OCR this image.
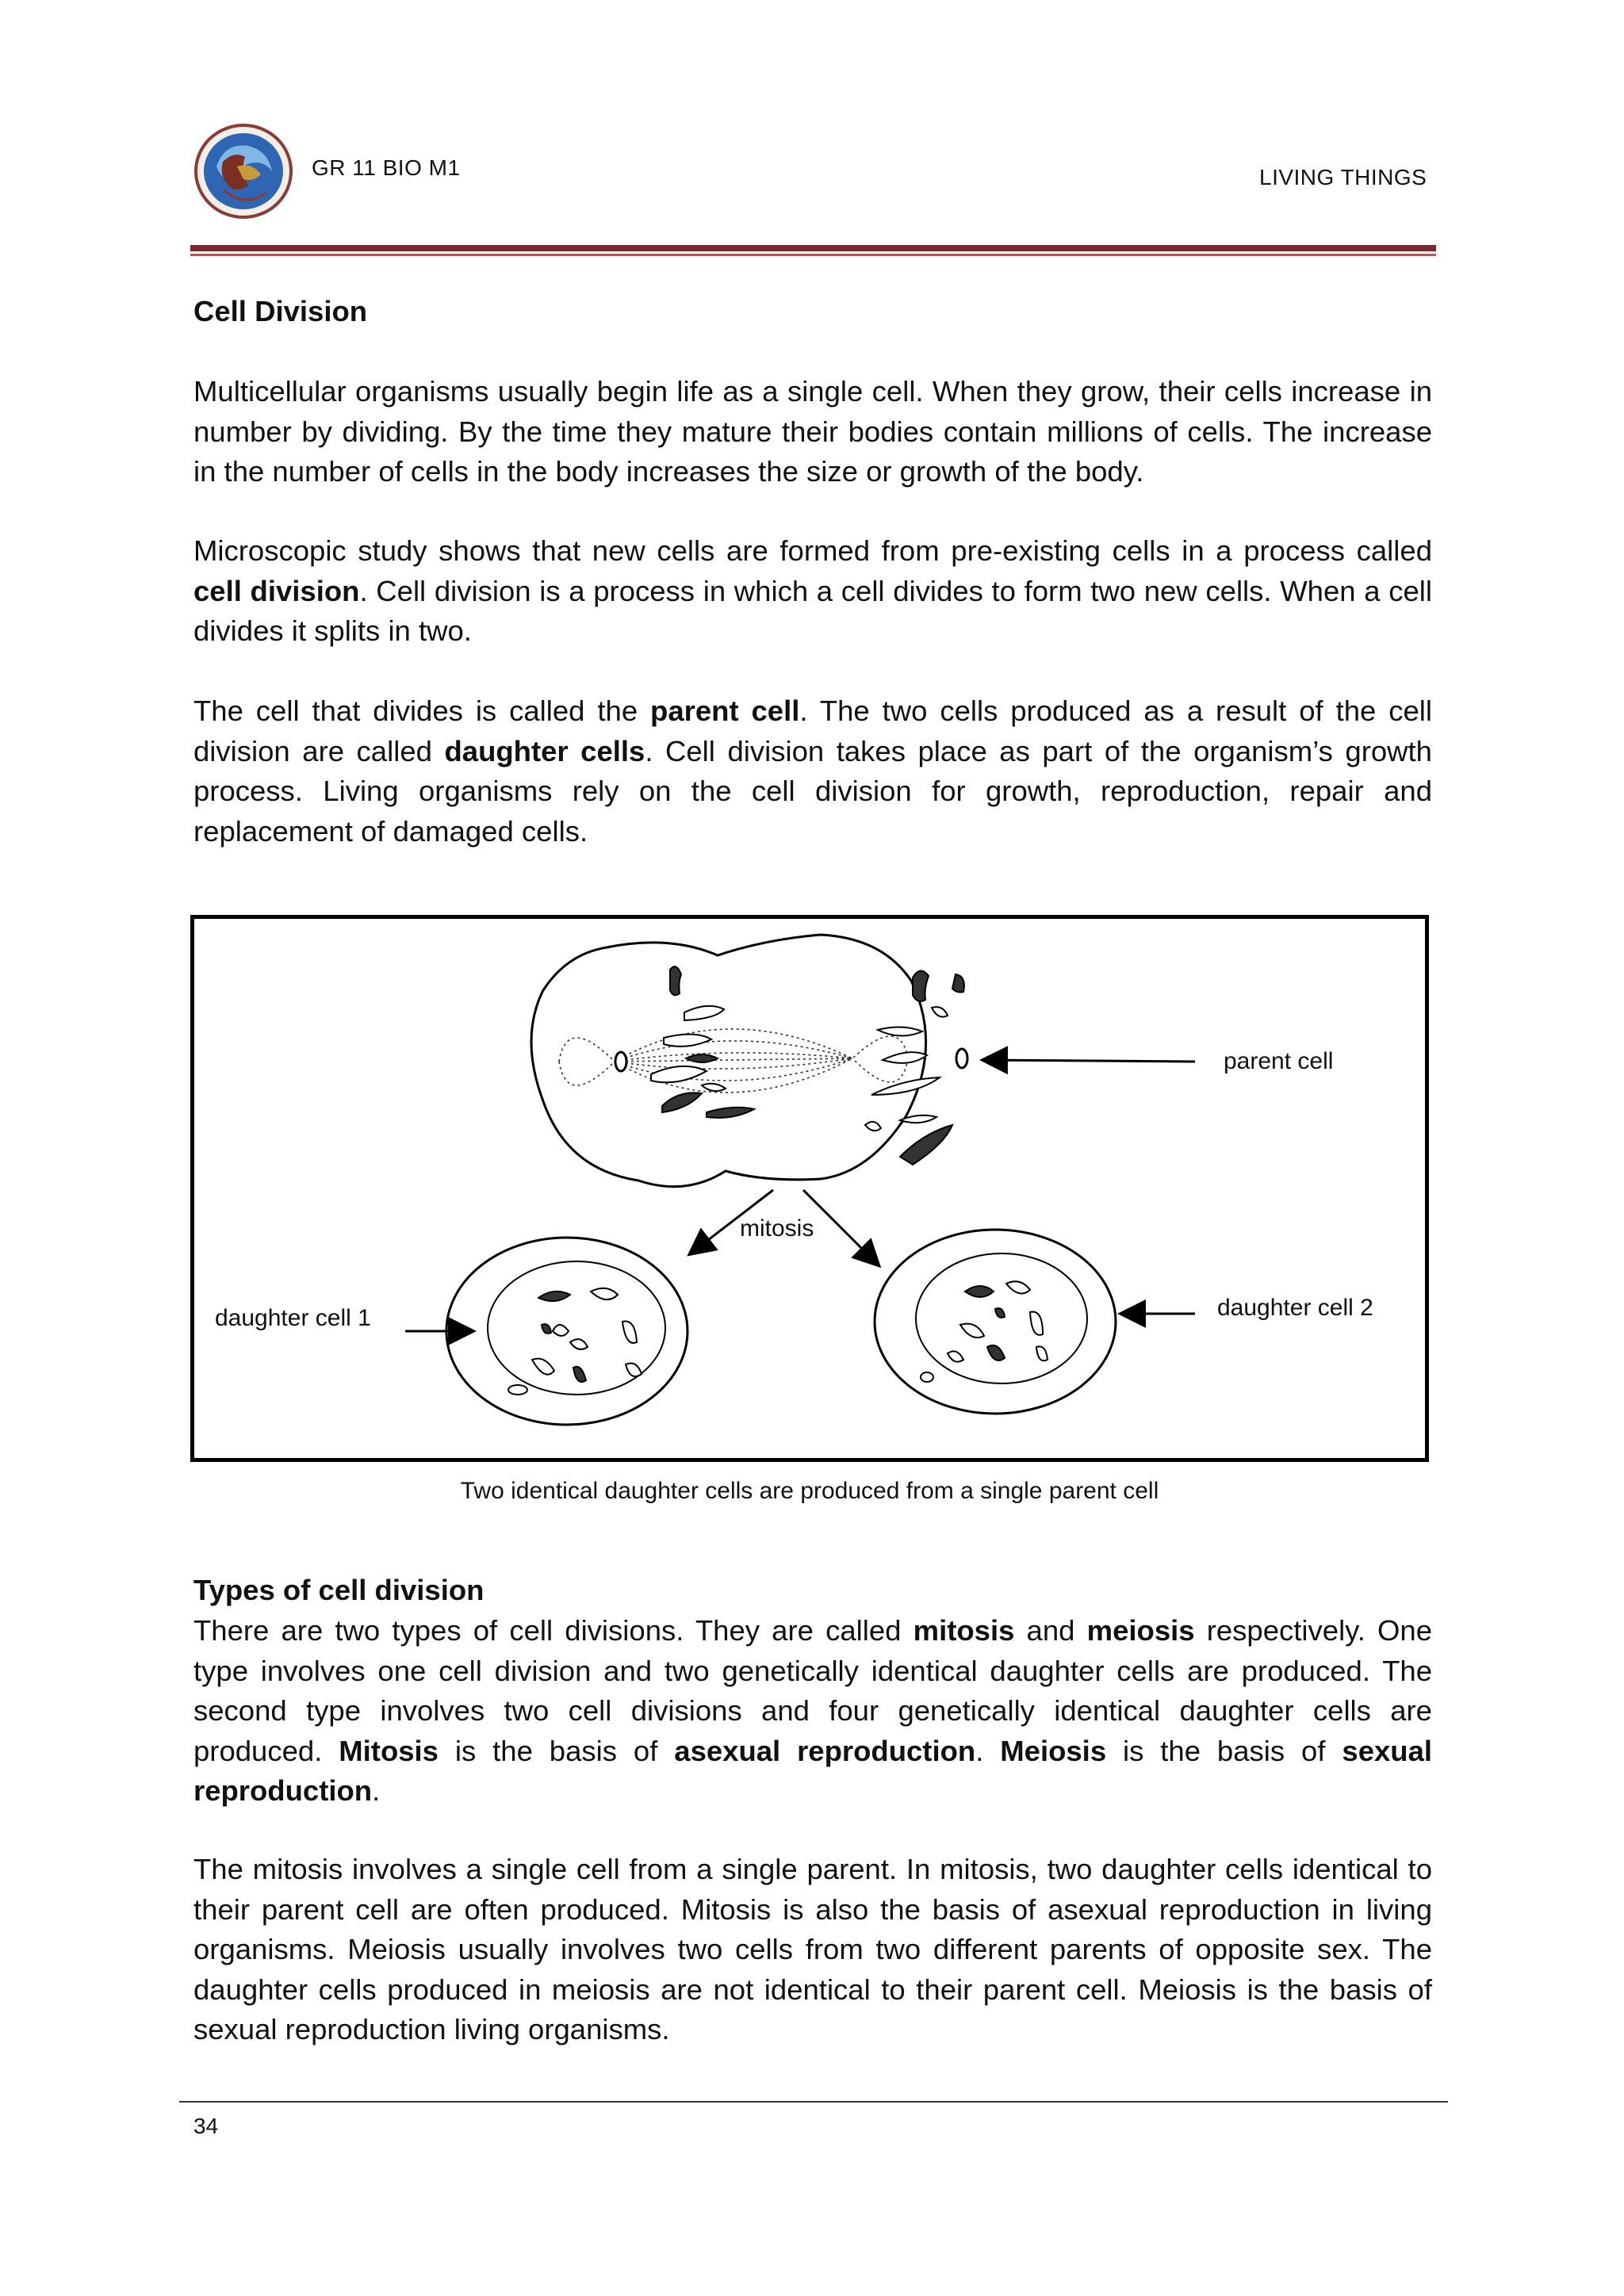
GR 11 BIO M1	LIVING THINGS
Cell Division

Multicellular organisms usually begin life as a single cell. When they grow, their cells increase in number by dividing. By the time they mature their bodies contain millions of cells. The increase in the number of cells in the body increases the size or growth of the body.

Microscopic study shows that new cells are formed from pre-existing cells in a process called cell division. Cell division is a process in which a cell divides to form two new cells. When a cell divides it splits in two.

The cell that divides is called the parent cell. The two cells produced as a result of the cell division are called daughter cells. Cell division takes place as part of the organism’s growth process. Living organisms rely on the cell division for growth, reproduction, repair and replacement of damaged cells.

parent cell
mitosis
daughter cell 1	daughter cell 2
Two identical daughter cells are produced from a single parent cell
Types of cell division

There are two types of cell divisions. They are called mitosis and meiosis respectively. One type involves one cell division and two genetically identical daughter cells are produced. The second type involves two cell divisions and four genetically identical daughter cells are produced. Mitosis is the basis of asexual reproduction. Meiosis is the basis of sexual reproduction.

The mitosis involves a single cell from a single parent. In mitosis, two daughter cells identical to their parent cell are often produced. Mitosis is also the basis of asexual reproduction in living organisms. Meiosis usually involves two cells from two different parents of opposite sex. The daughter cells produced in meiosis are not identical to their parent cell. Meiosis is the basis of sexual reproduction living organisms.

34
